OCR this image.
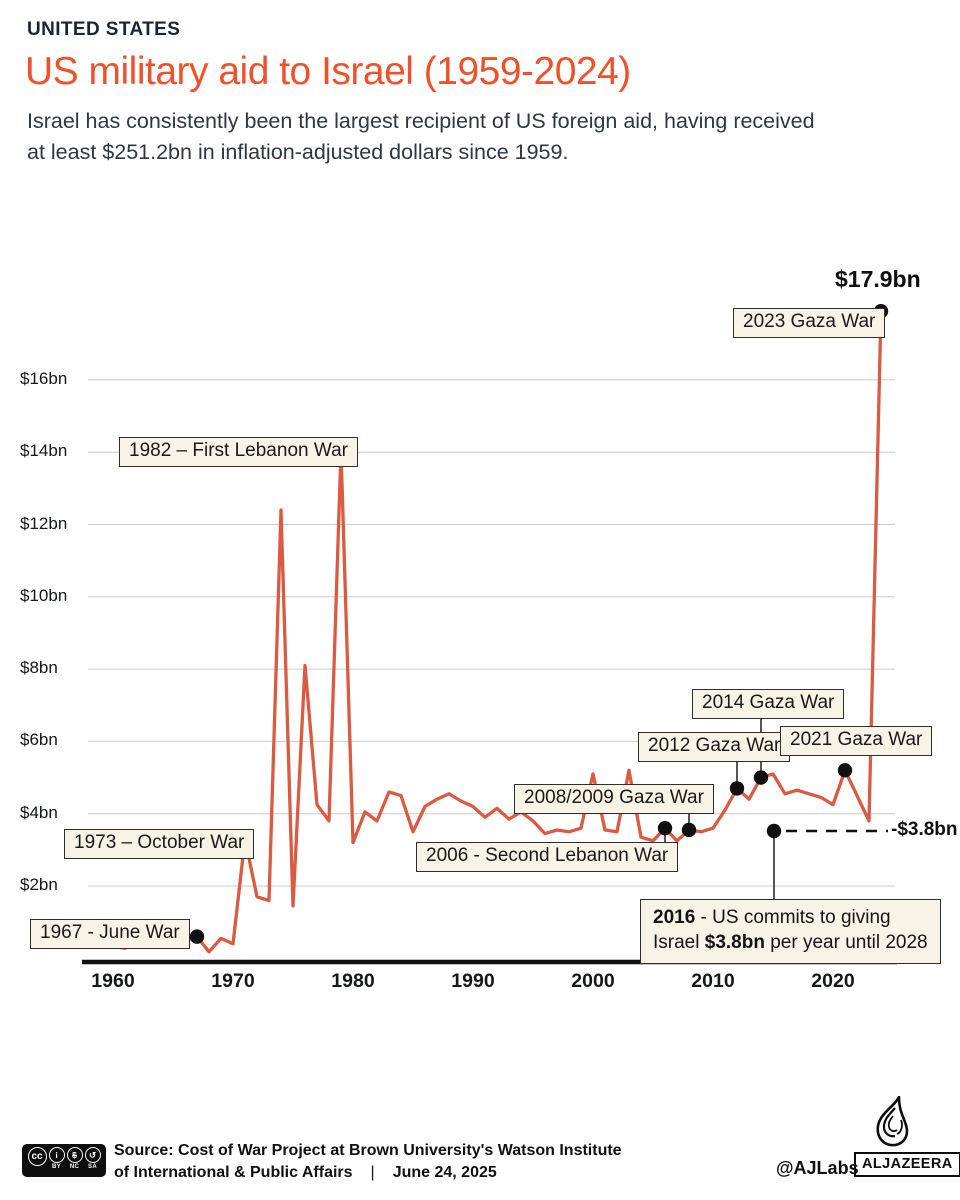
UNITED STATES
US military aid to Israel (1959-2024)
Israel has consistently been the largest recipient of US foreign aid, having received
at least $251.2bn in inflation-adjusted dollars since 1959.
$16bn
$14bn
$12bn
$10bn
$8bn
$6bn
$4bn
$2bn
1960	1970	1980	1990	2000	2010	2020
1967 - June War
1973 – October War
1982 – First Lebanon War
2006 - Second Lebanon War
2008/2009 Gaza War
2012 Gaza War
2014 Gaza War
2021 Gaza War
2023 Gaza War
$17.9bn
-$3.8bn
2016 - US commits to giving
Israel $3.8bn per year until 2028
cc	i
BY
$
NC
↺
SA
Source: Cost of War Project at Brown University's Watson Institute
of International & Public Affairs | June 24, 2025	@AJLabs ALJAZEERA
